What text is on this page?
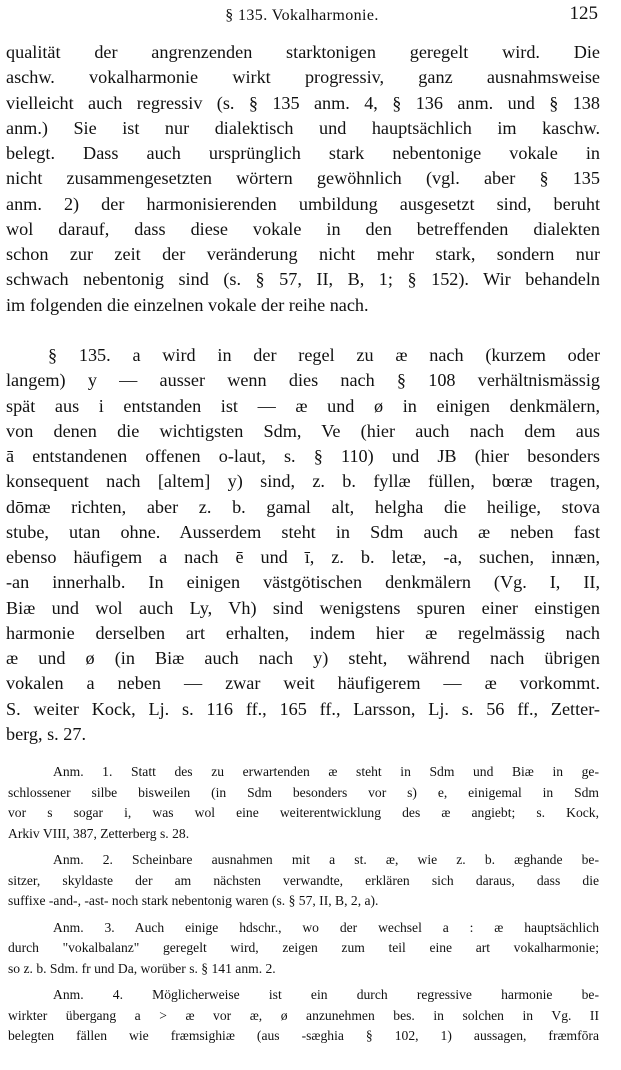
§ 135. Vokalharmonie.	125
qualität der angrenzenden starktonigen geregelt wird. Die
aschw. vokalharmonie wirkt progressiv, ganz ausnahmsweise
vielleicht auch regressiv (s. § 135 anm. 4, § 136 anm. und § 138
anm.) Sie ist nur dialektisch und hauptsächlich im kaschw.
belegt. Dass auch ursprünglich stark nebentonige vokale in
nicht zusammengesetzten wörtern gewöhnlich (vgl. aber § 135
anm. 2) der harmonisierenden umbildung ausgesetzt sind, beruht
wol darauf, dass diese vokale in den betreffenden dialekten
schon zur zeit der veränderung nicht mehr stark, sondern nur
schwach nebentonig sind (s. § 57, II, B, 1; § 152). Wir behandeln
im folgenden die einzelnen vokale der reihe nach.
§ 135. a wird in der regel zu æ nach (kurzem oder
langem) y — ausser wenn dies nach § 108 verhältnismässig
spät aus i entstanden ist — æ und ø in einigen denkmälern,
von denen die wichtigsten Sdm, Ve (hier auch nach dem aus
ā entstandenen offenen o-laut, s. § 110) und JB (hier besonders
konsequent nach [altem] y) sind, z. b. fyllæ füllen, bœræ tragen,
dōmæ richten, aber z. b. gamal alt, helgha die heilige, stova
stube, utan ohne. Ausserdem steht in Sdm auch æ neben fast
ebenso häufigem a nach ē und ī, z. b. letæ, -a, suchen, innæn,
-an innerhalb. In einigen västgötischen denkmälern (Vg. I, II,
Biæ und wol auch Ly, Vh) sind wenigstens spuren einer einstigen
harmonie derselben art erhalten, indem hier æ regelmässig nach
æ und ø (in Biæ auch nach y) steht, während nach übrigen
vokalen a neben — zwar weit häufigerem — æ vorkommt.
S. weiter Kock, Lj. s. 116 ff., 165 ff., Larsson, Lj. s. 56 ff., Zetter-
berg, s. 27.
Anm. 1. Statt des zu erwartenden æ steht in Sdm und Biæ in ge-
schlossener silbe bisweilen (in Sdm besonders vor s) e, einigemal in Sdm
vor s sogar i, was wol eine weiterentwicklung des æ angiebt; s. Kock,
Arkiv VIII, 387, Zetterberg s. 28.
Anm. 2. Scheinbare ausnahmen mit a st. æ, wie z. b. æghande be-
sitzer, skyldaste der am nächsten verwandte, erklären sich daraus, dass die
suffixe -and-, -ast- noch stark nebentonig waren (s. § 57, II, B, 2, a).
Anm. 3. Auch einige hdschr., wo der wechsel a : æ hauptsächlich
durch "vokalbalanz" geregelt wird, zeigen zum teil eine art vokalharmonie;
so z. b. Sdm. fr und Da, worüber s. § 141 anm. 2.
Anm. 4. Möglicherweise ist ein durch regressive harmonie be-
wirkter übergang a > æ vor æ, ø anzunehmen bes. in solchen in Vg. II
belegten fällen wie fræmsighiæ (aus -sæghia § 102, 1) aussagen, fræmfōra
